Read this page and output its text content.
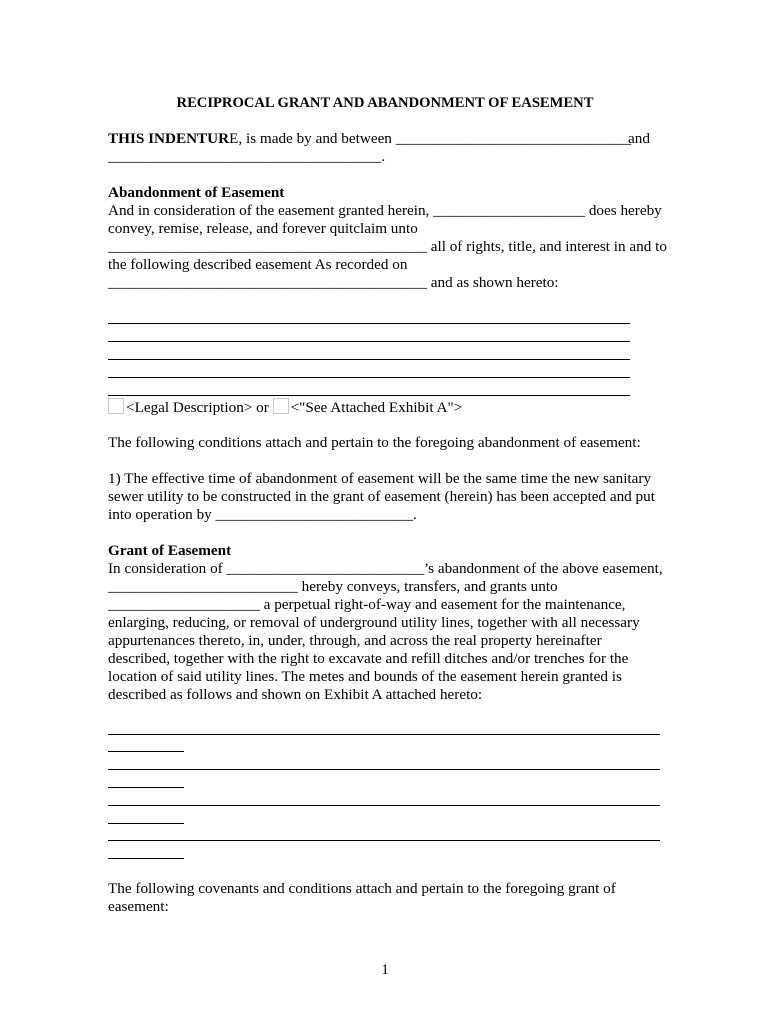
RECIPROCAL GRANT AND ABANDONMENT OF EASEMENT
THIS INDENTURE, is made by and between _______________________________
and
____________________________________.
Abandonment of Easement
And in consideration of the easement granted herein, ____________________ does hereby
convey, remise, release, and forever quitclaim unto
__________________________________________ all of rights, title, and interest in and to
the following described easement As recorded on
__________________________________________ and as shown hereto:
<Legal Description> or <"See Attached Exhibit A">
The following conditions attach and pertain to the foregoing abandonment of easement:
1) The effective time of abandonment of easement will be the same time the new sanitary
sewer utility to be constructed in the grant of easement (herein) has been accepted and put
into operation by __________________________.
Grant of Easement
In consideration of __________________________’s abandonment of the above easement,
_________________________ hereby conveys, transfers, and grants unto
____________________ a perpetual right-of-way and easement for the maintenance,
enlarging, reducing, or removal of underground utility lines, together with all necessary
appurtenances thereto, in, under, through, and across the real property hereinafter
described, together with the right to excavate and refill ditches and/or trenches for the
location of said utility lines. The metes and bounds of the easement herein granted is
described as follows and shown on Exhibit A attached hereto:
The following covenants and conditions attach and pertain to the foregoing grant of
easement:
1
